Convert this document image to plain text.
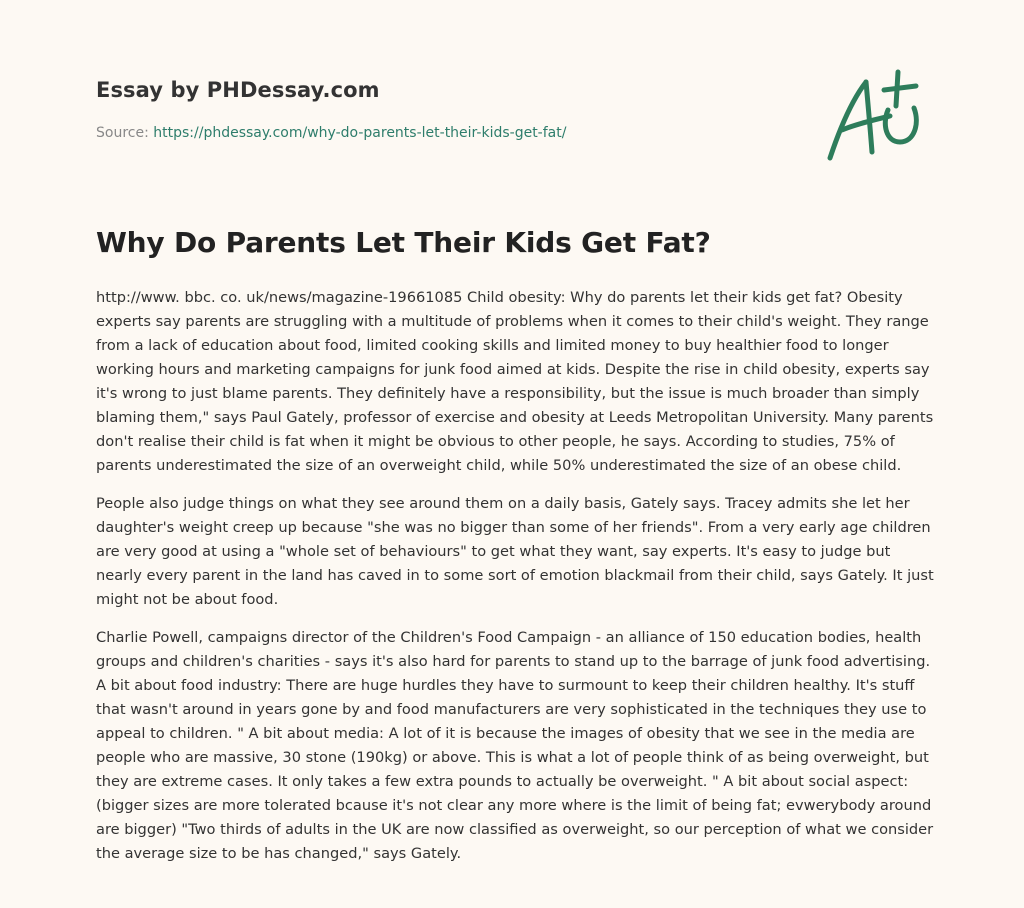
Essay by PHDessay.com

Source: https://phdessay.com/why-do-parents-let-their-kids-get-fat/

Why Do Parents Let Their Kids Get Fat?

http://www. bbc. co. uk/news/magazine-19661085 Child obesity: Why do parents let their kids get fat? Obesity experts say parents are struggling with a multitude of problems when it comes to their child's weight. They range from a lack of education about food, limited cooking skills and limited money to buy healthier food to longer working hours and marketing campaigns for junk food aimed at kids. Despite the rise in child obesity, experts say it's wrong to just blame parents. They definitely have a responsibility, but the issue is much broader than simply blaming them," says Paul Gately, professor of exercise and obesity at Leeds Metropolitan University. Many parents don't realise their child is fat when it might be obvious to other people, he says. According to studies, 75% of parents underestimated the size of an overweight child, while 50% underestimated the size of an obese child.

People also judge things on what they see around them on a daily basis, Gately says. Tracey admits she let her daughter's weight creep up because "she was no bigger than some of her friends". From a very early age children are very good at using a "whole set of behaviours" to get what they want, say experts. It's easy to judge but nearly every parent in the land has caved in to some sort of emotion blackmail from their child, says Gately. It just might not be about food.

Charlie Powell, campaigns director of the Children's Food Campaign - an alliance of 150 education bodies, health groups and children's charities - says it's also hard for parents to stand up to the barrage of junk food advertising. A bit about food industry: There are huge hurdles they have to surmount to keep their children healthy. It's stuff that wasn't around in years gone by and food manufacturers are very sophisticated in the techniques they use to appeal to children. " A bit about media: A lot of it is because the images of obesity that we see in the media are people who are massive, 30 stone (190kg) or above. This is what a lot of people think of as being overweight, but they are extreme cases. It only takes a few extra pounds to actually be overweight. " A bit about social aspect: (bigger sizes are more tolerated bcause it's not clear any more where is the limit of being fat; evwerybody around are bigger) "Two thirds of adults in the UK are now classified as overweight, so our perception of what we consider the average size to be has changed," says Gately.
